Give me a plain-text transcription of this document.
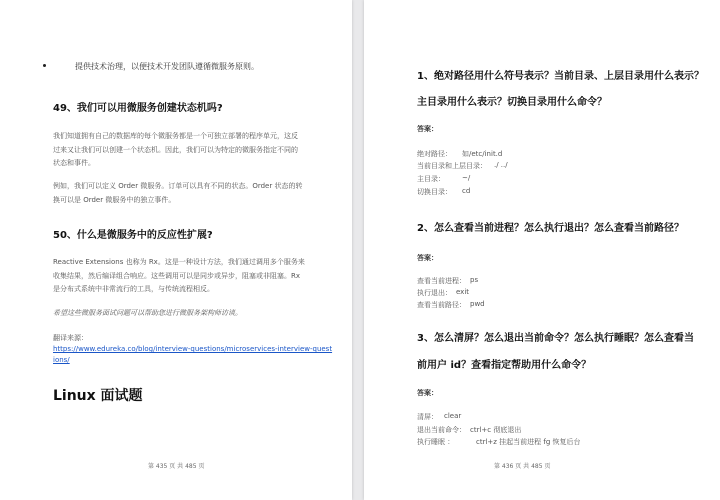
提供技术治理，以便技术开发团队遵循微服务原则。
49、我们可以用微服务创建状态机吗?
我们知道拥有自己的数据库的每个微服务都是一个可独立部署的程序单元，这反
过来又让我们可以创建一个状态机。因此，我们可以为特定的微服务指定不同的
状态和事件。
例如，我们可以定义 Order 微服务。订单可以具有不同的状态。Order 状态的转
换可以是 Order 微服务中的独立事件。
50、什么是微服务中的反应性扩展?
Reactive Extensions 也称为 Rx。这是一种设计方法，我们通过调用多个服务来
收集结果，然后编译组合响应。这些调用可以是同步或异步，阻塞或非阻塞。Rx
是分布式系统中非常流行的工具，与传统流程相反。
希望这些微服务面试问题可以帮助您进行微服务架构师访谈。
翻译来源：
https://www.edureka.co/blog/interview-questions/microservices-interview-questions/
Linux 面试题
第 435 页 共 485 页
1、绝对路径用什么符号表示？当前目录、上层目录用什么表示？
主目录用什么表示？切换目录用什么命令？
答案：
绝对路径： 如/etc/init.d
当前目录和上层目录： ./ ../
主目录： ~/
切换目录： cd
2、怎么查看当前进程？怎么执行退出？怎么查看当前路径？
答案：
查看当前进程： ps
执行退出： exit
查看当前路径： pwd
3、怎么清屏？怎么退出当前命令？怎么执行睡眠？怎么查看当
前用户 id？查看指定帮助用什么命令？
答案：
清屏： clear
退出当前命令： ctrl+c 彻底退出
执行睡眠 ：	ctrl+z 挂起当前进程 fg 恢复后台
第 436 页 共 485 页
